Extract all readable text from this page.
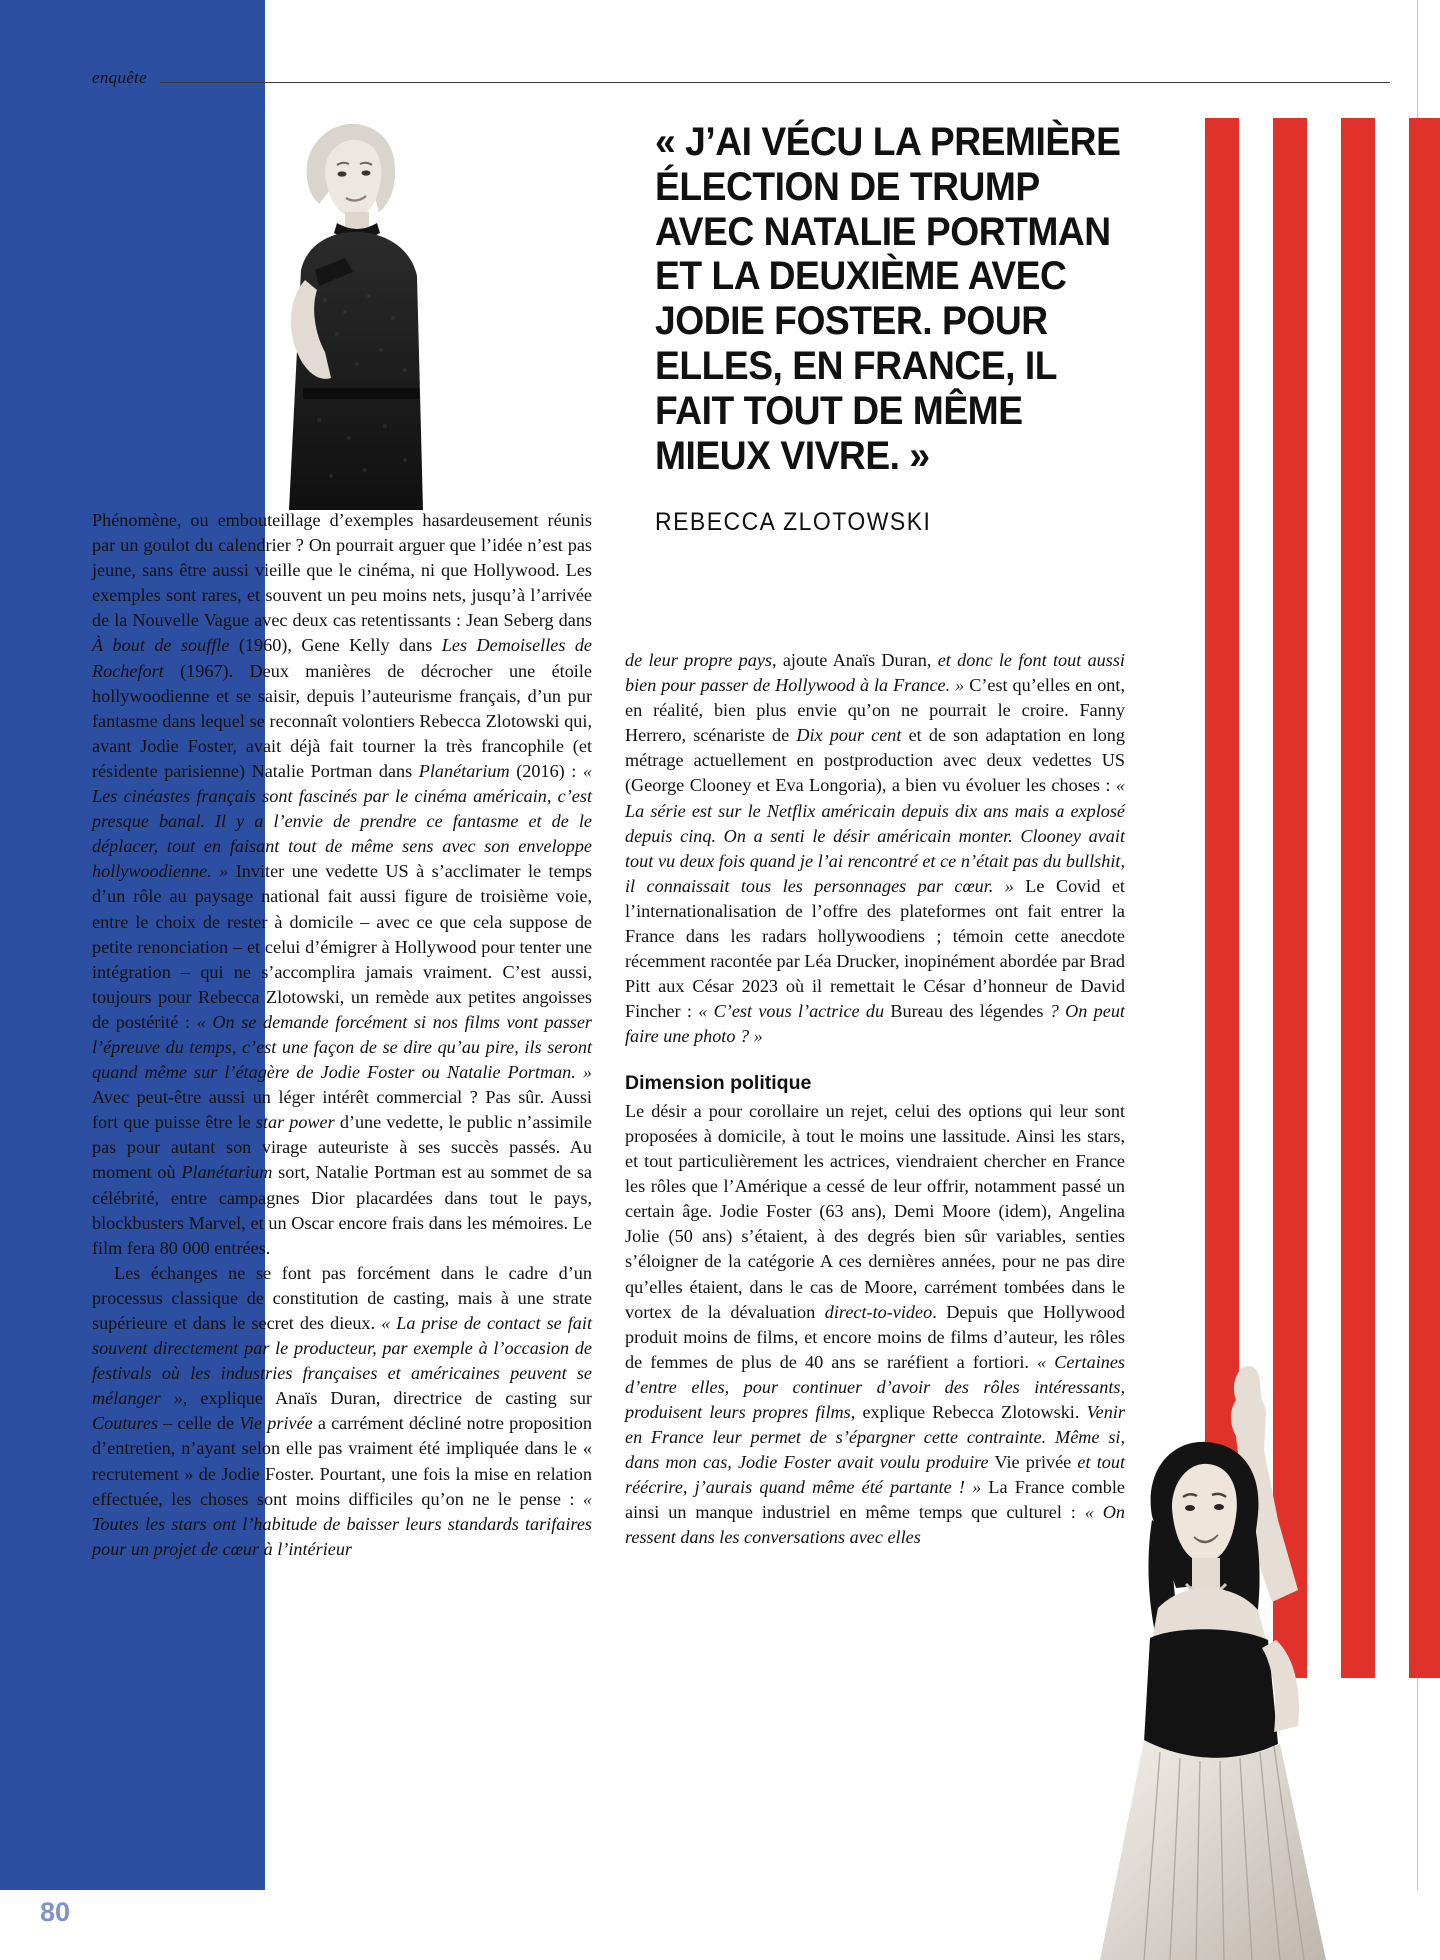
enquête
« J’AI VÉCU LA PREMIÈRE ÉLECTION DE TRUMP AVEC NATALIE PORTMAN ET LA DEUXIÈME AVEC JODIE FOSTER. POUR ELLES, EN FRANCE, IL FAIT TOUT DE MÊME MIEUX VIVRE. »
REBECCA ZLOTOWSKI

Phénomène, ou embouteillage d’exemples hasardeusement réunis par un goulot du calendrier ? On pourrait arguer que l’idée n’est pas jeune, sans être aussi vieille que le cinéma, ni que Hollywood. Les exemples sont rares, et souvent un peu moins nets, jusqu’à l’arrivée de la Nouvelle Vague avec deux cas retentissants : Jean Seberg dans À bout de souffle (1960), Gene Kelly dans Les Demoiselles de Rochefort (1967). Deux manières de décrocher une étoile hollywoodienne et se saisir, depuis l’auteurisme français, d’un pur fantasme dans lequel se reconnaît volontiers Rebecca Zlotowski qui, avant Jodie Foster, avait déjà fait tourner la très francophile (et résidente parisienne) Natalie Portman dans Planétarium (2016) : « Les cinéastes français sont fascinés par le cinéma américain, c’est presque banal. Il y a l’envie de prendre ce fantasme et de le déplacer, tout en faisant tout de même sens avec son enveloppe hollywoodienne. » Inviter une vedette US à s’acclimater le temps d’un rôle au paysage national fait aussi figure de troisième voie, entre le choix de rester à domicile – avec ce que cela suppose de petite renonciation – et celui d’émigrer à Hollywood pour tenter une intégration – qui ne s’accomplira jamais vraiment. C’est aussi, toujours pour Rebecca Zlotowski, un remède aux petites angoisses de postérité : « On se demande forcément si nos films vont passer l’épreuve du temps, c’est une façon de se dire qu’au pire, ils seront quand même sur l’étagère de Jodie Foster ou Natalie Portman. » Avec peut-être aussi un léger intérêt commercial ? Pas sûr. Aussi fort que puisse être le star power d’une vedette, le public n’assimile pas pour autant son virage auteuriste à ses succès passés. Au moment où Planétarium sort, Natalie Portman est au sommet de sa célébrité, entre campagnes Dior placardées dans tout le pays, blockbusters Marvel, et un Oscar encore frais dans les mémoires. Le film fera 80 000 entrées.

Les échanges ne se font pas forcément dans le cadre d’un processus classique de constitution de casting, mais à une strate supérieure et dans le secret des dieux. « La prise de contact se fait souvent directement par le producteur, par exemple à l’occasion de festivals où les industries françaises et américaines peuvent se mélanger », explique Anaïs Duran, directrice de casting sur Coutures – celle de Vie privée a carrément décliné notre proposition d’entretien, n’ayant selon elle pas vraiment été impliquée dans le « recrutement » de Jodie Foster. Pourtant, une fois la mise en relation effectuée, les choses sont moins difficiles qu’on ne le pense : « Toutes les stars ont l’habitude de baisser leurs standards tarifaires pour un projet de cœur à l’intérieur

de leur propre pays, ajoute Anaïs Duran, et donc le font tout aussi bien pour passer de Hollywood à la France. » C’est qu’elles en ont, en réalité, bien plus envie qu’on ne pourrait le croire. Fanny Herrero, scénariste de Dix pour cent et de son adaptation en long métrage actuellement en postproduction avec deux vedettes US (George Clooney et Eva Longoria), a bien vu évoluer les choses : « La série est sur le Netflix américain depuis dix ans mais a explosé depuis cinq. On a senti le désir américain monter. Clooney avait tout vu deux fois quand je l’ai rencontré et ce n’était pas du bullshit, il connaissait tous les personnages par cœur. » Le Covid et l’internationalisation de l’offre des plateformes ont fait entrer la France dans les radars hollywoodiens ; témoin cette anecdote récemment racontée par Léa Drucker, inopinément abordée par Brad Pitt aux César 2023 où il remettait le César d’honneur de David Fincher : « C’est vous l’actrice du Bureau des légendes ? On peut faire une photo ? »

Dimension politique

Le désir a pour corollaire un rejet, celui des options qui leur sont proposées à domicile, à tout le moins une lassitude. Ainsi les stars, et tout particulièrement les actrices, viendraient chercher en France les rôles que l’Amérique a cessé de leur offrir, notamment passé un certain âge. Jodie Foster (63 ans), Demi Moore (idem), Angelina Jolie (50 ans) s’étaient, à des degrés bien sûr variables, senties s’éloigner de la catégorie A ces dernières années, pour ne pas dire qu’elles étaient, dans le cas de Moore, carrément tombées dans le vortex de la dévaluation direct-to-video. Depuis que Hollywood produit moins de films, et encore moins de films d’auteur, les rôles de femmes de plus de 40 ans se raréfient a fortiori. « Certaines d’entre elles, pour continuer d’avoir des rôles intéressants, produisent leurs propres films, explique Rebecca Zlotowski. Venir en France leur permet de s’épargner cette contrainte. Même si, dans mon cas, Jodie Foster avait voulu produire Vie privée et tout réécrire, j’aurais quand même été partante ! » La France comble ainsi un manque industriel en même temps que culturel : « On ressent dans les conversations avec elles

80 PREMIÈRE FÉVRIER 2026
